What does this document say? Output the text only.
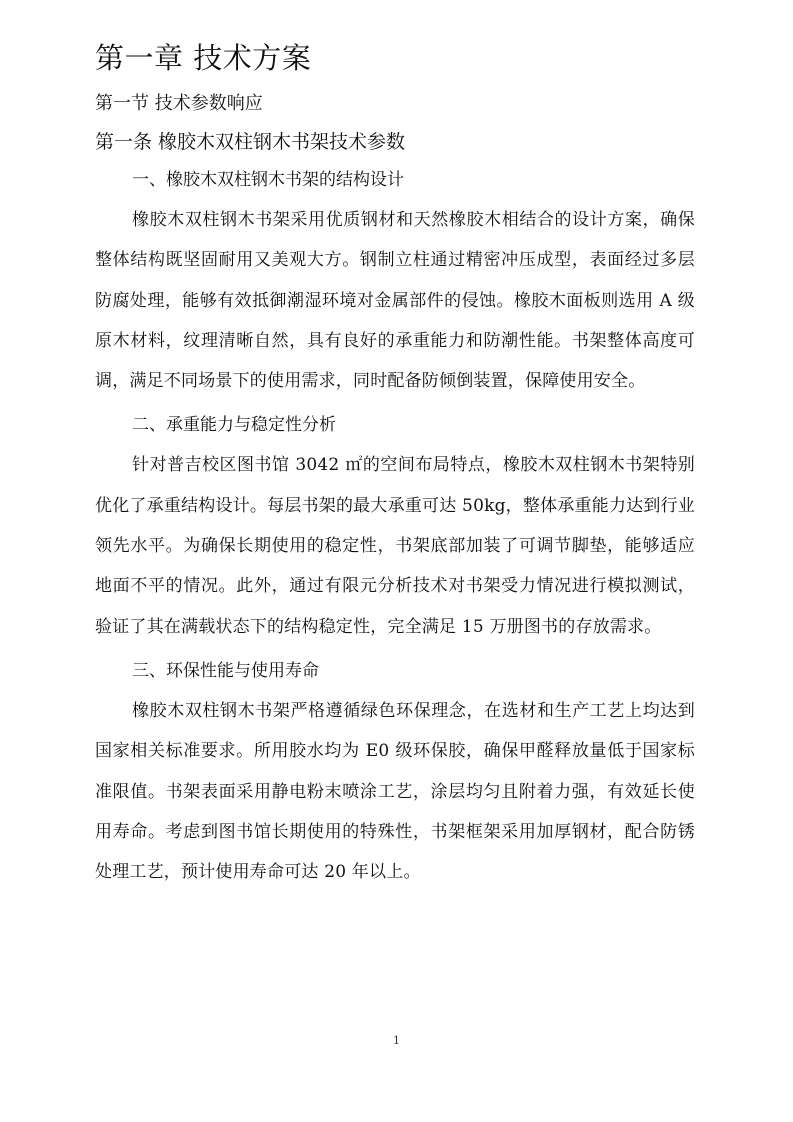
第一章 技术方案
第一节 技术参数响应
第一条 橡胶木双柱钢木书架技术参数
一、橡胶木双柱钢木书架的结构设计

橡胶木双柱钢木书架采用优质钢材和天然橡胶木相结合的设计方案，确保整体结构既坚固耐用又美观大方。钢制立柱通过精密冲压成型，表面经过多层防腐处理，能够有效抵御潮湿环境对金属部件的侵蚀。橡胶木面板则选用 A 级原木材料，纹理清晰自然，具有良好的承重能力和防潮性能。书架整体高度可调，满足不同场景下的使用需求，同时配备防倾倒装置，保障使用安全。

二、承重能力与稳定性分析

针对普吉校区图书馆 3042 ㎡的空间布局特点，橡胶木双柱钢木书架特别优化了承重结构设计。每层书架的最大承重可达 50kg，整体承重能力达到行业领先水平。为确保长期使用的稳定性，书架底部加装了可调节脚垫，能够适应地面不平的情况。此外，通过有限元分析技术对书架受力情况进行模拟测试，验证了其在满载状态下的结构稳定性，完全满足 15 万册图书的存放需求。

三、环保性能与使用寿命

橡胶木双柱钢木书架严格遵循绿色环保理念，在选材和生产工艺上均达到国家相关标准要求。所用胶水均为 E0 级环保胶，确保甲醛释放量低于国家标准限值。书架表面采用静电粉末喷涂工艺，涂层均匀且附着力强，有效延长使用寿命。考虑到图书馆长期使用的特殊性，书架框架采用加厚钢材，配合防锈处理工艺，预计使用寿命可达 20 年以上。

1
